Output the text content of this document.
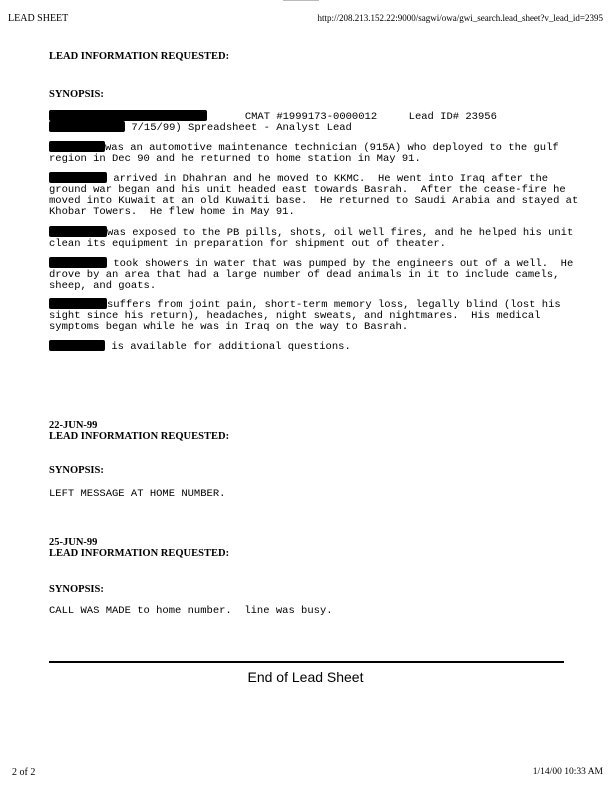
LEAD SHEET	http://208.213.152.22:9000/sagwi/owa/gwi_search.lead_sheet?v_lead_id=2395
LEAD INFORMATION REQUESTED:
SYNOPSIS:
CMAT #1999173-0000012	Lead ID# 23956
7/15/99) Spreadsheet - Analyst Lead
was an automotive maintenance technician (915A) who deployed to the gulf
region in Dec 90 and he returned to home station in May 91.
arrived in Dhahran and he moved to KKMC.  He went into Iraq after the
ground war began and his unit headed east towards Basrah.  After the cease-fire he
moved into Kuwait at an old Kuwaiti base.  He returned to Saudi Arabia and stayed at
Khobar Towers.  He flew home in May 91.
was exposed to the PB pills, shots, oil well fires, and he helped his unit
clean its equipment in preparation for shipment out of theater.
took showers in water that was pumped by the engineers out of a well.  He
drove by an area that had a large number of dead animals in it to include camels,
sheep, and goats.
suffers from joint pain, short-term memory loss, legally blind (lost his
sight since his return), headaches, night sweats, and nightmares.  His medical
symptoms began while he was in Iraq on the way to Basrah.
is available for additional questions.
22-JUN-99
LEAD INFORMATION REQUESTED:
SYNOPSIS:
LEFT MESSAGE AT HOME NUMBER.
25-JUN-99
LEAD INFORMATION REQUESTED:
SYNOPSIS:
CALL WAS MADE to home number.  line was busy.
End of Lead Sheet
2 of 2	1/14/00 10:33 AM
